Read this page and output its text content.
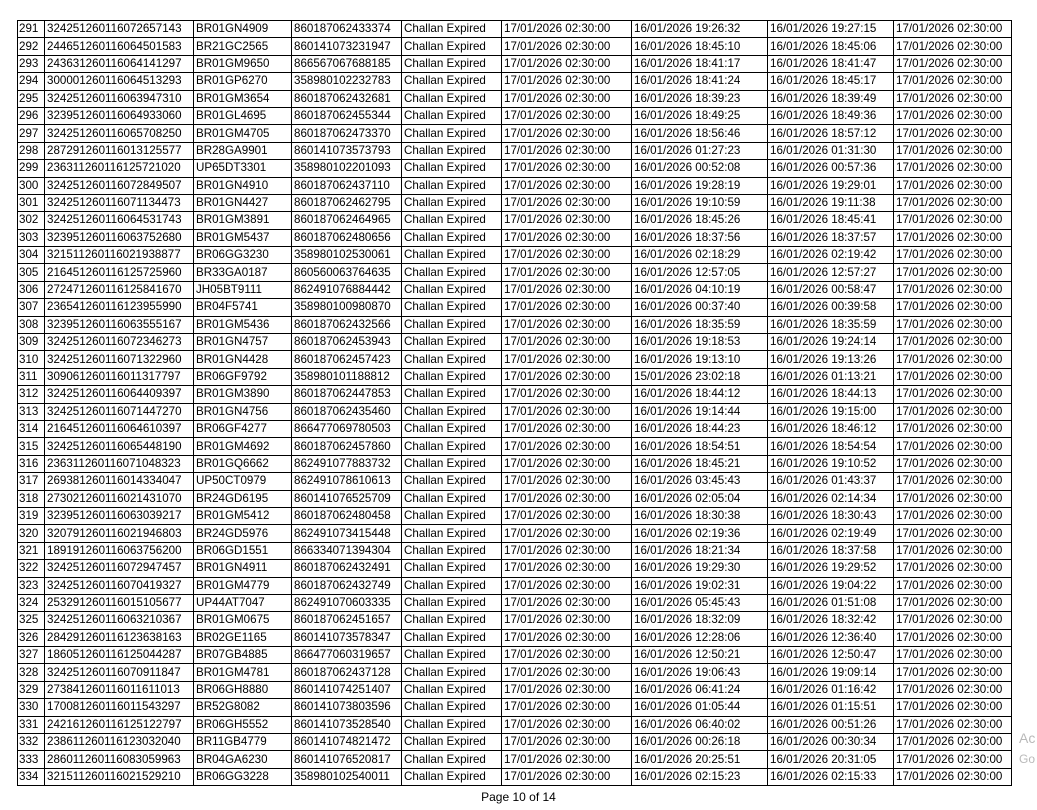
291	324251260116072657143	BR01GN4909	860187062433374	Challan Expired	17/01/2026 02:30:00	16/01/2026 19:26:32	16/01/2026 19:27:15	17/01/2026 02:30:00
292	244651260116064501583	BR21GC2565	860141073231947	Challan Expired	17/01/2026 02:30:00	16/01/2026 18:45:10	16/01/2026 18:45:06	17/01/2026 02:30:00
293	243631260116064141297	BR01GM9650	866567067688185	Challan Expired	17/01/2026 02:30:00	16/01/2026 18:41:17	16/01/2026 18:41:47	17/01/2026 02:30:00
294	300001260116064513293	BR01GP6270	358980102232783	Challan Expired	17/01/2026 02:30:00	16/01/2026 18:41:24	16/01/2026 18:45:17	17/01/2026 02:30:00
295	324251260116063947310	BR01GM3654	860187062432681	Challan Expired	17/01/2026 02:30:00	16/01/2026 18:39:23	16/01/2026 18:39:49	17/01/2026 02:30:00
296	323951260116064933060	BR01GL4695	860187062455344	Challan Expired	17/01/2026 02:30:00	16/01/2026 18:49:25	16/01/2026 18:49:36	17/01/2026 02:30:00
297	324251260116065708250	BR01GM4705	860187062473370	Challan Expired	17/01/2026 02:30:00	16/01/2026 18:56:46	16/01/2026 18:57:12	17/01/2026 02:30:00
298	287291260116013125577	BR28GA9901	860141073573793	Challan Expired	17/01/2026 02:30:00	16/01/2026 01:27:23	16/01/2026 01:31:30	17/01/2026 02:30:00
299	236311260116125721020	UP65DT3301	358980102201093	Challan Expired	17/01/2026 02:30:00	16/01/2026 00:52:08	16/01/2026 00:57:36	17/01/2026 02:30:00
300	324251260116072849507	BR01GN4910	860187062437110	Challan Expired	17/01/2026 02:30:00	16/01/2026 19:28:19	16/01/2026 19:29:01	17/01/2026 02:30:00
301	324251260116071134473	BR01GN4427	860187062462795	Challan Expired	17/01/2026 02:30:00	16/01/2026 19:10:59	16/01/2026 19:11:38	17/01/2026 02:30:00
302	324251260116064531743	BR01GM3891	860187062464965	Challan Expired	17/01/2026 02:30:00	16/01/2026 18:45:26	16/01/2026 18:45:41	17/01/2026 02:30:00
303	323951260116063752680	BR01GM5437	860187062480656	Challan Expired	17/01/2026 02:30:00	16/01/2026 18:37:56	16/01/2026 18:37:57	17/01/2026 02:30:00
304	321511260116021938877	BR06GG3230	358980102530061	Challan Expired	17/01/2026 02:30:00	16/01/2026 02:18:29	16/01/2026 02:19:42	17/01/2026 02:30:00
305	216451260116125725960	BR33GA0187	860560063764635	Challan Expired	17/01/2026 02:30:00	16/01/2026 12:57:05	16/01/2026 12:57:27	17/01/2026 02:30:00
306	272471260116125841670	JH05BT9111	862491076884442	Challan Expired	17/01/2026 02:30:00	16/01/2026 04:10:19	16/01/2026 00:58:47	17/01/2026 02:30:00
307	236541260116123955990	BR04F5741	358980100980870	Challan Expired	17/01/2026 02:30:00	16/01/2026 00:37:40	16/01/2026 00:39:58	17/01/2026 02:30:00
308	323951260116063555167	BR01GM5436	860187062432566	Challan Expired	17/01/2026 02:30:00	16/01/2026 18:35:59	16/01/2026 18:35:59	17/01/2026 02:30:00
309	324251260116072346273	BR01GN4757	860187062453943	Challan Expired	17/01/2026 02:30:00	16/01/2026 19:18:53	16/01/2026 19:24:14	17/01/2026 02:30:00
310	324251260116071322960	BR01GN4428	860187062457423	Challan Expired	17/01/2026 02:30:00	16/01/2026 19:13:10	16/01/2026 19:13:26	17/01/2026 02:30:00
311	309061260116011317797	BR06GF9792	358980101188812	Challan Expired	17/01/2026 02:30:00	15/01/2026 23:02:18	16/01/2026 01:13:21	17/01/2026 02:30:00
312	324251260116064409397	BR01GM3890	860187062447853	Challan Expired	17/01/2026 02:30:00	16/01/2026 18:44:12	16/01/2026 18:44:13	17/01/2026 02:30:00
313	324251260116071447270	BR01GN4756	860187062435460	Challan Expired	17/01/2026 02:30:00	16/01/2026 19:14:44	16/01/2026 19:15:00	17/01/2026 02:30:00
314	216451260116064610397	BR06GF4277	866477069780503	Challan Expired	17/01/2026 02:30:00	16/01/2026 18:44:23	16/01/2026 18:46:12	17/01/2026 02:30:00
315	324251260116065448190	BR01GM4692	860187062457860	Challan Expired	17/01/2026 02:30:00	16/01/2026 18:54:51	16/01/2026 18:54:54	17/01/2026 02:30:00
316	236311260116071048323	BR01GQ6662	862491077883732	Challan Expired	17/01/2026 02:30:00	16/01/2026 18:45:21	16/01/2026 19:10:52	17/01/2026 02:30:00
317	269381260116014334047	UP50CT0979	862491078610613	Challan Expired	17/01/2026 02:30:00	16/01/2026 03:45:43	16/01/2026 01:43:37	17/01/2026 02:30:00
318	273021260116021431070	BR24GD6195	860141076525709	Challan Expired	17/01/2026 02:30:00	16/01/2026 02:05:04	16/01/2026 02:14:34	17/01/2026 02:30:00
319	323951260116063039217	BR01GM5412	860187062480458	Challan Expired	17/01/2026 02:30:00	16/01/2026 18:30:38	16/01/2026 18:30:43	17/01/2026 02:30:00
320	320791260116021946803	BR24GD5976	862491073415448	Challan Expired	17/01/2026 02:30:00	16/01/2026 02:19:36	16/01/2026 02:19:49	17/01/2026 02:30:00
321	189191260116063756200	BR06GD1551	866334071394304	Challan Expired	17/01/2026 02:30:00	16/01/2026 18:21:34	16/01/2026 18:37:58	17/01/2026 02:30:00
322	324251260116072947457	BR01GN4911	860187062432491	Challan Expired	17/01/2026 02:30:00	16/01/2026 19:29:30	16/01/2026 19:29:52	17/01/2026 02:30:00
323	324251260116070419327	BR01GM4779	860187062432749	Challan Expired	17/01/2026 02:30:00	16/01/2026 19:02:31	16/01/2026 19:04:22	17/01/2026 02:30:00
324	253291260116015105677	UP44AT7047	862491070603335	Challan Expired	17/01/2026 02:30:00	16/01/2026 05:45:43	16/01/2026 01:51:08	17/01/2026 02:30:00
325	324251260116063210367	BR01GM0675	860187062451657	Challan Expired	17/01/2026 02:30:00	16/01/2026 18:32:09	16/01/2026 18:32:42	17/01/2026 02:30:00
326	284291260116123638163	BR02GE1165	860141073578347	Challan Expired	17/01/2026 02:30:00	16/01/2026 12:28:06	16/01/2026 12:36:40	17/01/2026 02:30:00
327	186051260116125044287	BR07GB4885	866477060319657	Challan Expired	17/01/2026 02:30:00	16/01/2026 12:50:21	16/01/2026 12:50:47	17/01/2026 02:30:00
328	324251260116070911847	BR01GM4781	860187062437128	Challan Expired	17/01/2026 02:30:00	16/01/2026 19:06:43	16/01/2026 19:09:14	17/01/2026 02:30:00
329	273841260116011611013	BR06GH8880	860141074251407	Challan Expired	17/01/2026 02:30:00	16/01/2026 06:41:24	16/01/2026 01:16:42	17/01/2026 02:30:00
330	170081260116011543297	BR52G8082	860141073803596	Challan Expired	17/01/2026 02:30:00	16/01/2026 01:05:44	16/01/2026 01:15:51	17/01/2026 02:30:00
331	242161260116125122797	BR06GH5552	860141073528540	Challan Expired	17/01/2026 02:30:00	16/01/2026 06:40:02	16/01/2026 00:51:26	17/01/2026 02:30:00
332	238611260116123032040	BR11GB4779	860141074821472	Challan Expired	17/01/2026 02:30:00	16/01/2026 00:26:18	16/01/2026 00:30:34	17/01/2026 02:30:00
333	286011260116083059963	BR04GA6230	860141076520817	Challan Expired	17/01/2026 02:30:00	16/01/2026 20:25:51	16/01/2026 20:31:05	17/01/2026 02:30:00
334	321511260116021529210	BR06GG3228	358980102540011	Challan Expired	17/01/2026 02:30:00	16/01/2026 02:15:23	16/01/2026 02:15:33	17/01/2026 02:30:00
Page 10 of 14
Ac
Go
